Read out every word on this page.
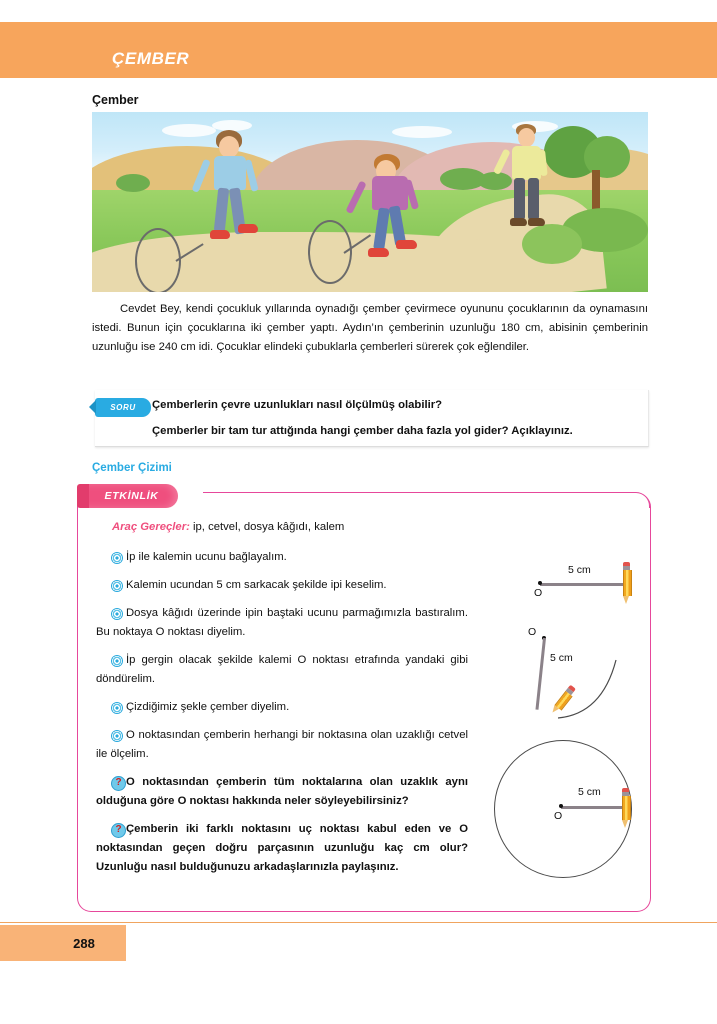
ÇEMBER
Çember
Cevdet Bey, kendi çocukluk yıllarında oynadığı çember çevirmece oyununu çocuklarının da oynamasını istedi. Bunun için çocuklarına iki çember yaptı. Aydın’ın çemberinin uzunluğu 180 cm, abisinin çemberinin uzunluğu ise 240 cm idi. Çocuklar elindeki çubuklarla çemberleri sürerek çok eğlendiler.
SORU	Çemberlerin çevre uzunlukları nasıl ölçülmüş olabilir?
Çemberler bir tam tur attığında hangi çember daha fazla yol gider? Açıklayınız.
Çember Çizimi
ETKİNLİK
Araç Gereçler: ip, cetvel, dosya kâğıdı, kalem
İp ile kalemin ucunu bağlayalım.
Kalemin ucundan 5 cm sarkacak şekilde ipi keselim.
Dosya kâğıdı üzerinde ipin baştaki ucunu parmağımızla bastıralım. Bu noktaya O noktası diyelim.
İp gergin olacak şekilde kalemi O noktası etrafında yandaki gibi döndürelim.
Çizdiğimiz şekle çember diyelim.
O noktasından çemberin herhangi bir noktasına olan uzaklığı cetvel ile ölçelim.
? O noktasından çemberin tüm noktalarına olan uzaklık aynı olduğuna göre O noktası hakkında neler söyleyebilirsiniz?
? Çemberin iki farklı noktasını uç noktası kabul eden ve O noktasından geçen doğru parçasının uzunluğu kaç cm olur? Uzunluğu nasıl bulduğunuzu arkadaşlarınızla paylaşınız.
O
5 cm
O
5 cm
O
5 cm
288
